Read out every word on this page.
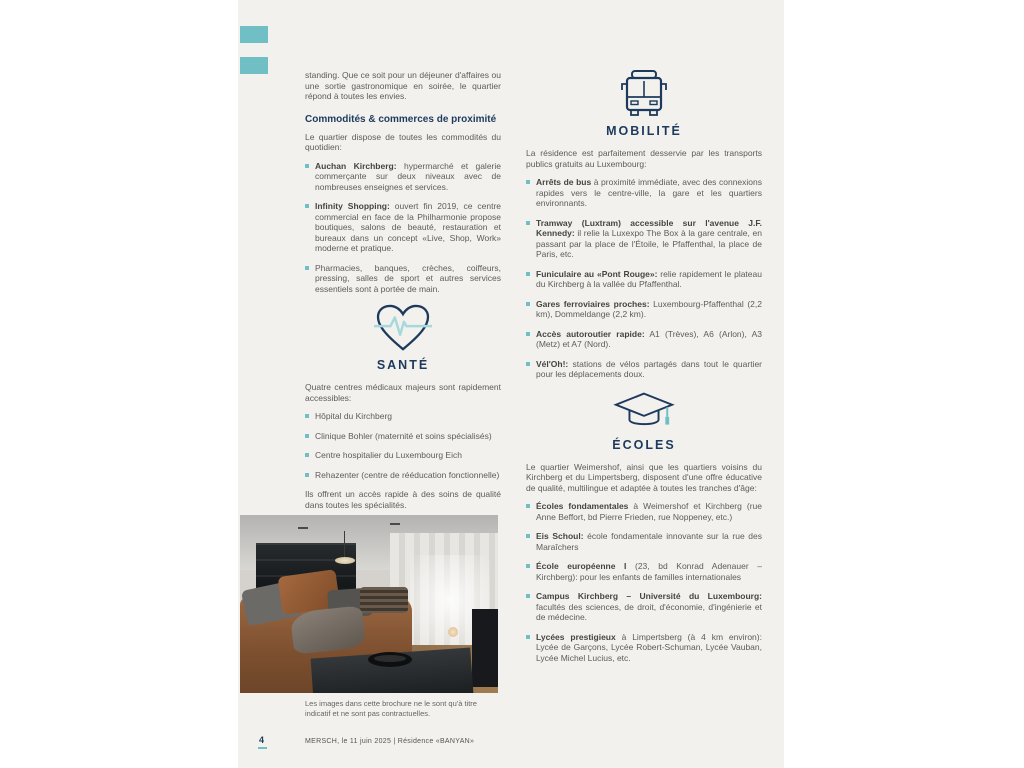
standing. Que ce soit pour un déjeuner d'affaires ou une sortie gastronomique en soirée, le quartier répond à toutes les envies.

Commodités & commerces de proximité

Le quartier dispose de toutes les commodités du quotidien:

Auchan Kirchberg: hypermarché et galerie commerçante sur deux niveaux avec de nombreuses enseignes et services.
Infinity Shopping: ouvert fin 2019, ce centre commercial en face de la Philharmonie propose boutiques, salons de beauté, restauration et bureaux dans un concept «Live, Shop, Work» moderne et pratique.
Pharmacies, banques, crèches, coiffeurs, pressing, salles de sport et autres services essentiels sont à portée de main.
SANTÉ

Quatre centres médicaux majeurs sont rapidement accessibles:

Hôpital du Kirchberg
Clinique Bohler (maternité et soins spécialisés)
Centre hospitalier du Luxembourg Eich
Rehazenter (centre de rééducation fonctionnelle)

Ils offrent un accès rapide à des soins de qualité dans toutes les spécialités.

MOBILITÉ

La résidence est parfaitement desservie par les transports publics gratuits au Luxembourg:

Arrêts de bus à proximité immédiate, avec des connexions rapides vers le centre-ville, la gare et les quartiers environnants.
Tramway (Luxtram) accessible sur l'avenue J.F. Kennedy: il relie la Luxexpo The Box à la gare centrale, en passant par la place de l'Étoile, le Pfaffenthal, la place de Paris, etc.
Funiculaire au «Pont Rouge»: relie rapidement le plateau du Kirchberg à la vallée du Pfaffenthal.
Gares ferroviaires proches: Luxembourg-Pfaffenthal (2,2 km), Dommeldange (2,2 km).
Accès autoroutier rapide: A1 (Trèves), A6 (Arlon), A3 (Metz) et A7 (Nord).
Vél'Oh!: stations de vélos partagés dans tout le quartier pour les déplacements doux.
ÉCOLES

Le quartier Weimershof, ainsi que les quartiers voisins du Kirchberg et du Limpertsberg, disposent d'une offre éducative de qualité, multilingue et adaptée à toutes les tranches d'âge:

Écoles fondamentales à Weimershof et Kirchberg (rue Anne Beffort, bd Pierre Frieden, rue Noppeney, etc.)
Eis Schoul: école fondamentale innovante sur la rue des Maraîchers
École européenne I (23, bd Konrad Adenauer – Kirchberg): pour les enfants de familles internationales
Campus Kirchberg – Université du Luxembourg: facultés des sciences, de droit, d'économie, d'ingénierie et de médecine.
Lycées prestigieux à Limpertsberg (à 4 km environ): Lycée de Garçons, Lycée Robert-Schuman, Lycée Vauban, Lycée Michel Lucius, etc.

Les images dans cette brochure ne le sont qu'à titre indicatif et ne sont pas contractuelles.

4	MERSCH, le 11 juin 2025 | Résidence «BANYAN»
